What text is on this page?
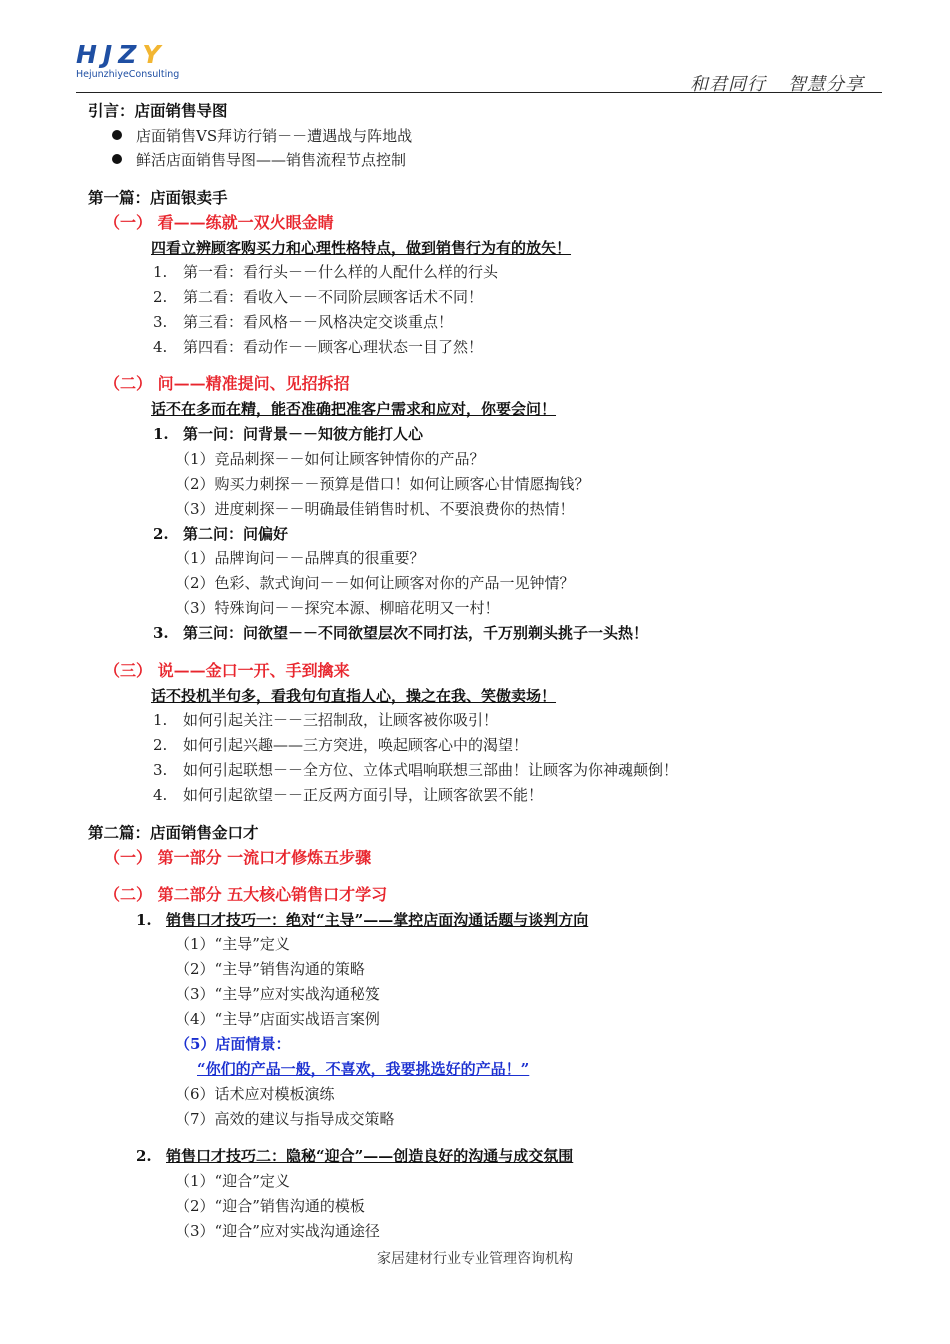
HJZY
HejunzhiyeConsulting	和君同行 智慧分享
引言：店面销售导图
店面销售VS拜访行销－－遭遇战与阵地战
鲜活店面销售导图——销售流程节点控制
第一篇：店面银卖手
（一） 看——练就一双火眼金睛
四看立辨顾客购买力和心理性格特点，做到销售行为有的放矢！
1. 第一看：看行头－－什么样的人配什么样的行头
2. 第二看：看收入－－不同阶层顾客话术不同！
3. 第三看：看风格－－风格决定交谈重点！
4. 第四看：看动作－－顾客心理状态一目了然！
（二） 问——精准提问、见招拆招
话不在多而在精，能否准确把准客户需求和应对，你要会问！
1. 第一问：问背景－－知彼方能打人心
（1）竞品刺探－－如何让顾客钟情你的产品？
（2）购买力刺探－－预算是借口！如何让顾客心甘情愿掏钱？
（3）进度刺探－－明确最佳销售时机、不要浪费你的热情！
2. 第二问：问偏好
（1）品牌询问－－品牌真的很重要？
（2）色彩、款式询问－－如何让顾客对你的产品一见钟情？
（3）特殊询问－－探究本源、柳暗花明又一村！
3. 第三问：问欲望－－不同欲望层次不同打法，千万别剃头挑子一头热！
（三） 说——金口一开、手到擒来
话不投机半句多，看我句句直指人心，操之在我、笑傲卖场！
1. 如何引起关注－－三招制敌，让顾客被你吸引！
2. 如何引起兴趣——三方突进，唤起顾客心中的渴望！
3. 如何引起联想－－全方位、立体式唱响联想三部曲！让顾客为你神魂颠倒！
4. 如何引起欲望－－正反两方面引导，让顾客欲罢不能！
第二篇：店面销售金口才
（一） 第一部分 一流口才修炼五步骤
（二） 第二部分 五大核心销售口才学习
1. 销售口才技巧一：绝对“主导”——掌控店面沟通话题与谈判方向
（1）“主导”定义
（2）“主导”销售沟通的策略
（3）“主导”应对实战沟通秘笈
（4）“主导”店面实战语言案例
（5）店面情景：
“你们的产品一般，不喜欢，我要挑选好的产品！”
（6）话术应对模板演练
（7）高效的建议与指导成交策略
2. 销售口才技巧二：隐秘“迎合”——创造良好的沟通与成交氛围
（1）“迎合”定义
（2）“迎合”销售沟通的模板
（3）“迎合”应对实战沟通途径
家居建材行业专业管理咨询机构
